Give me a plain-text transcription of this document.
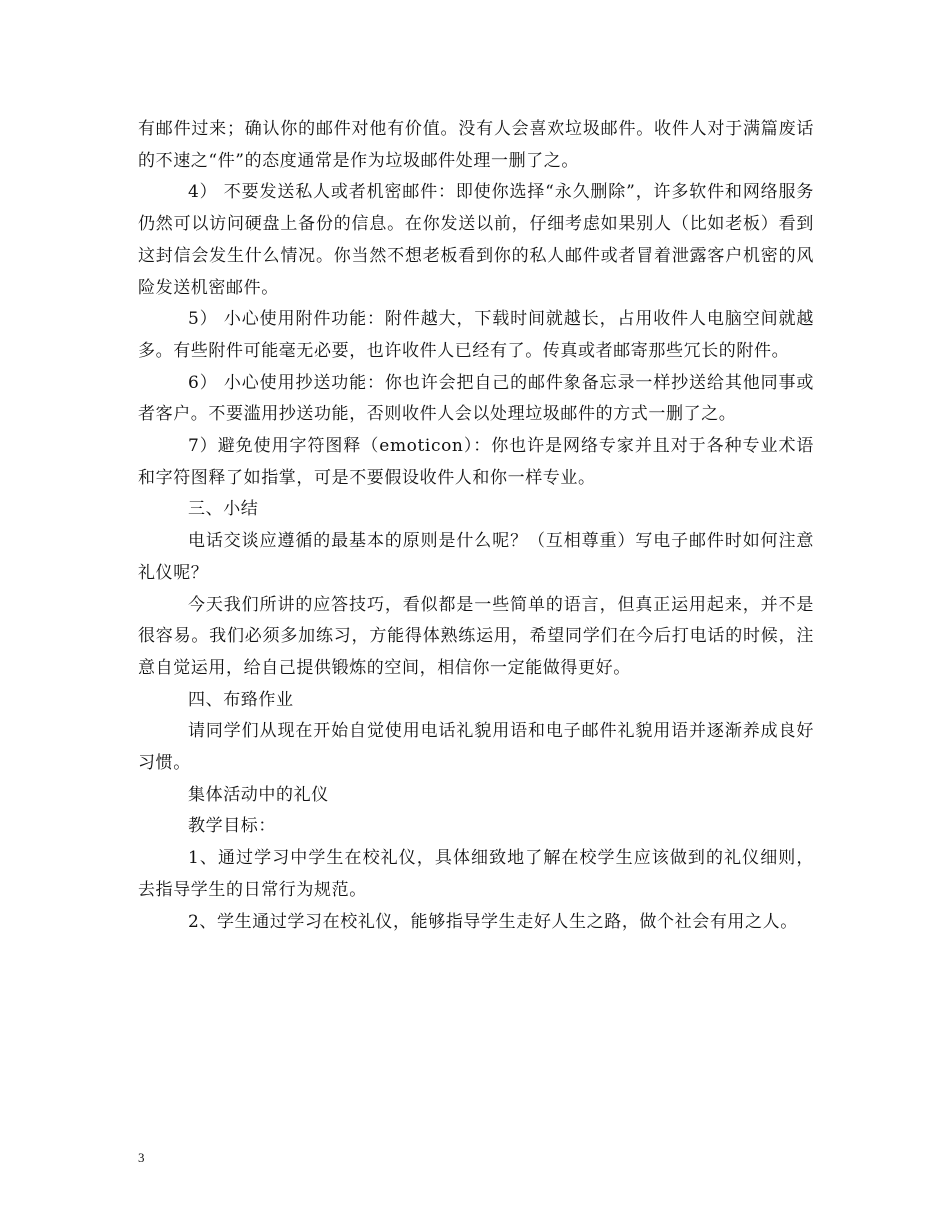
有邮件过来；确认你的邮件对他有价值。没有人会喜欢垃圾邮件。收件人对于满篇废话的不速之“件”的态度通常是作为垃圾邮件处理一删了之。

4） 不要发送私人或者机密邮件：即使你选择“永久删除”，许多软件和网络服务仍然可以访问硬盘上备份的信息。在你发送以前，仔细考虑如果别人（比如老板）看到这封信会发生什么情况。你当然不想老板看到你的私人邮件或者冒着泄露客户机密的风险发送机密邮件。

5） 小心使用附件功能：附件越大，下载时间就越长，占用收件人电脑空间就越多。有些附件可能毫无必要，也许收件人已经有了。传真或者邮寄那些冗长的附件。

6） 小心使用抄送功能：你也许会把自己的邮件象备忘录一样抄送给其他同事或者客户。不要滥用抄送功能，否则收件人会以处理垃圾邮件的方式一删了之。

7）避免使用字符图释（emoticon）：你也许是网络专家并且对于各种专业术语和字符图释了如指掌，可是不要假设收件人和你一样专业。

三、小结

电话交谈应遵循的最基本的原则是什么呢？（互相尊重）写电子邮件时如何注意礼仪呢？

今天我们所讲的应答技巧，看似都是一些简单的语言，但真正运用起来，并不是很容易。我们必须多加练习，方能得体熟练运用，希望同学们在今后打电话的时候，注意自觉运用，给自己提供锻炼的空间，相信你一定能做得更好。

四、布臵作业

请同学们从现在开始自觉使用电话礼貌用语和电子邮件礼貌用语并逐渐养成良好习惯。

集体活动中的礼仪

教学目标：

1、通过学习中学生在校礼仪，具体细致地了解在校学生应该做到的礼仪细则，去指导学生的日常行为规范。

2、学生通过学习在校礼仪，能够指导学生走好人生之路，做个社会有用之人。

3
